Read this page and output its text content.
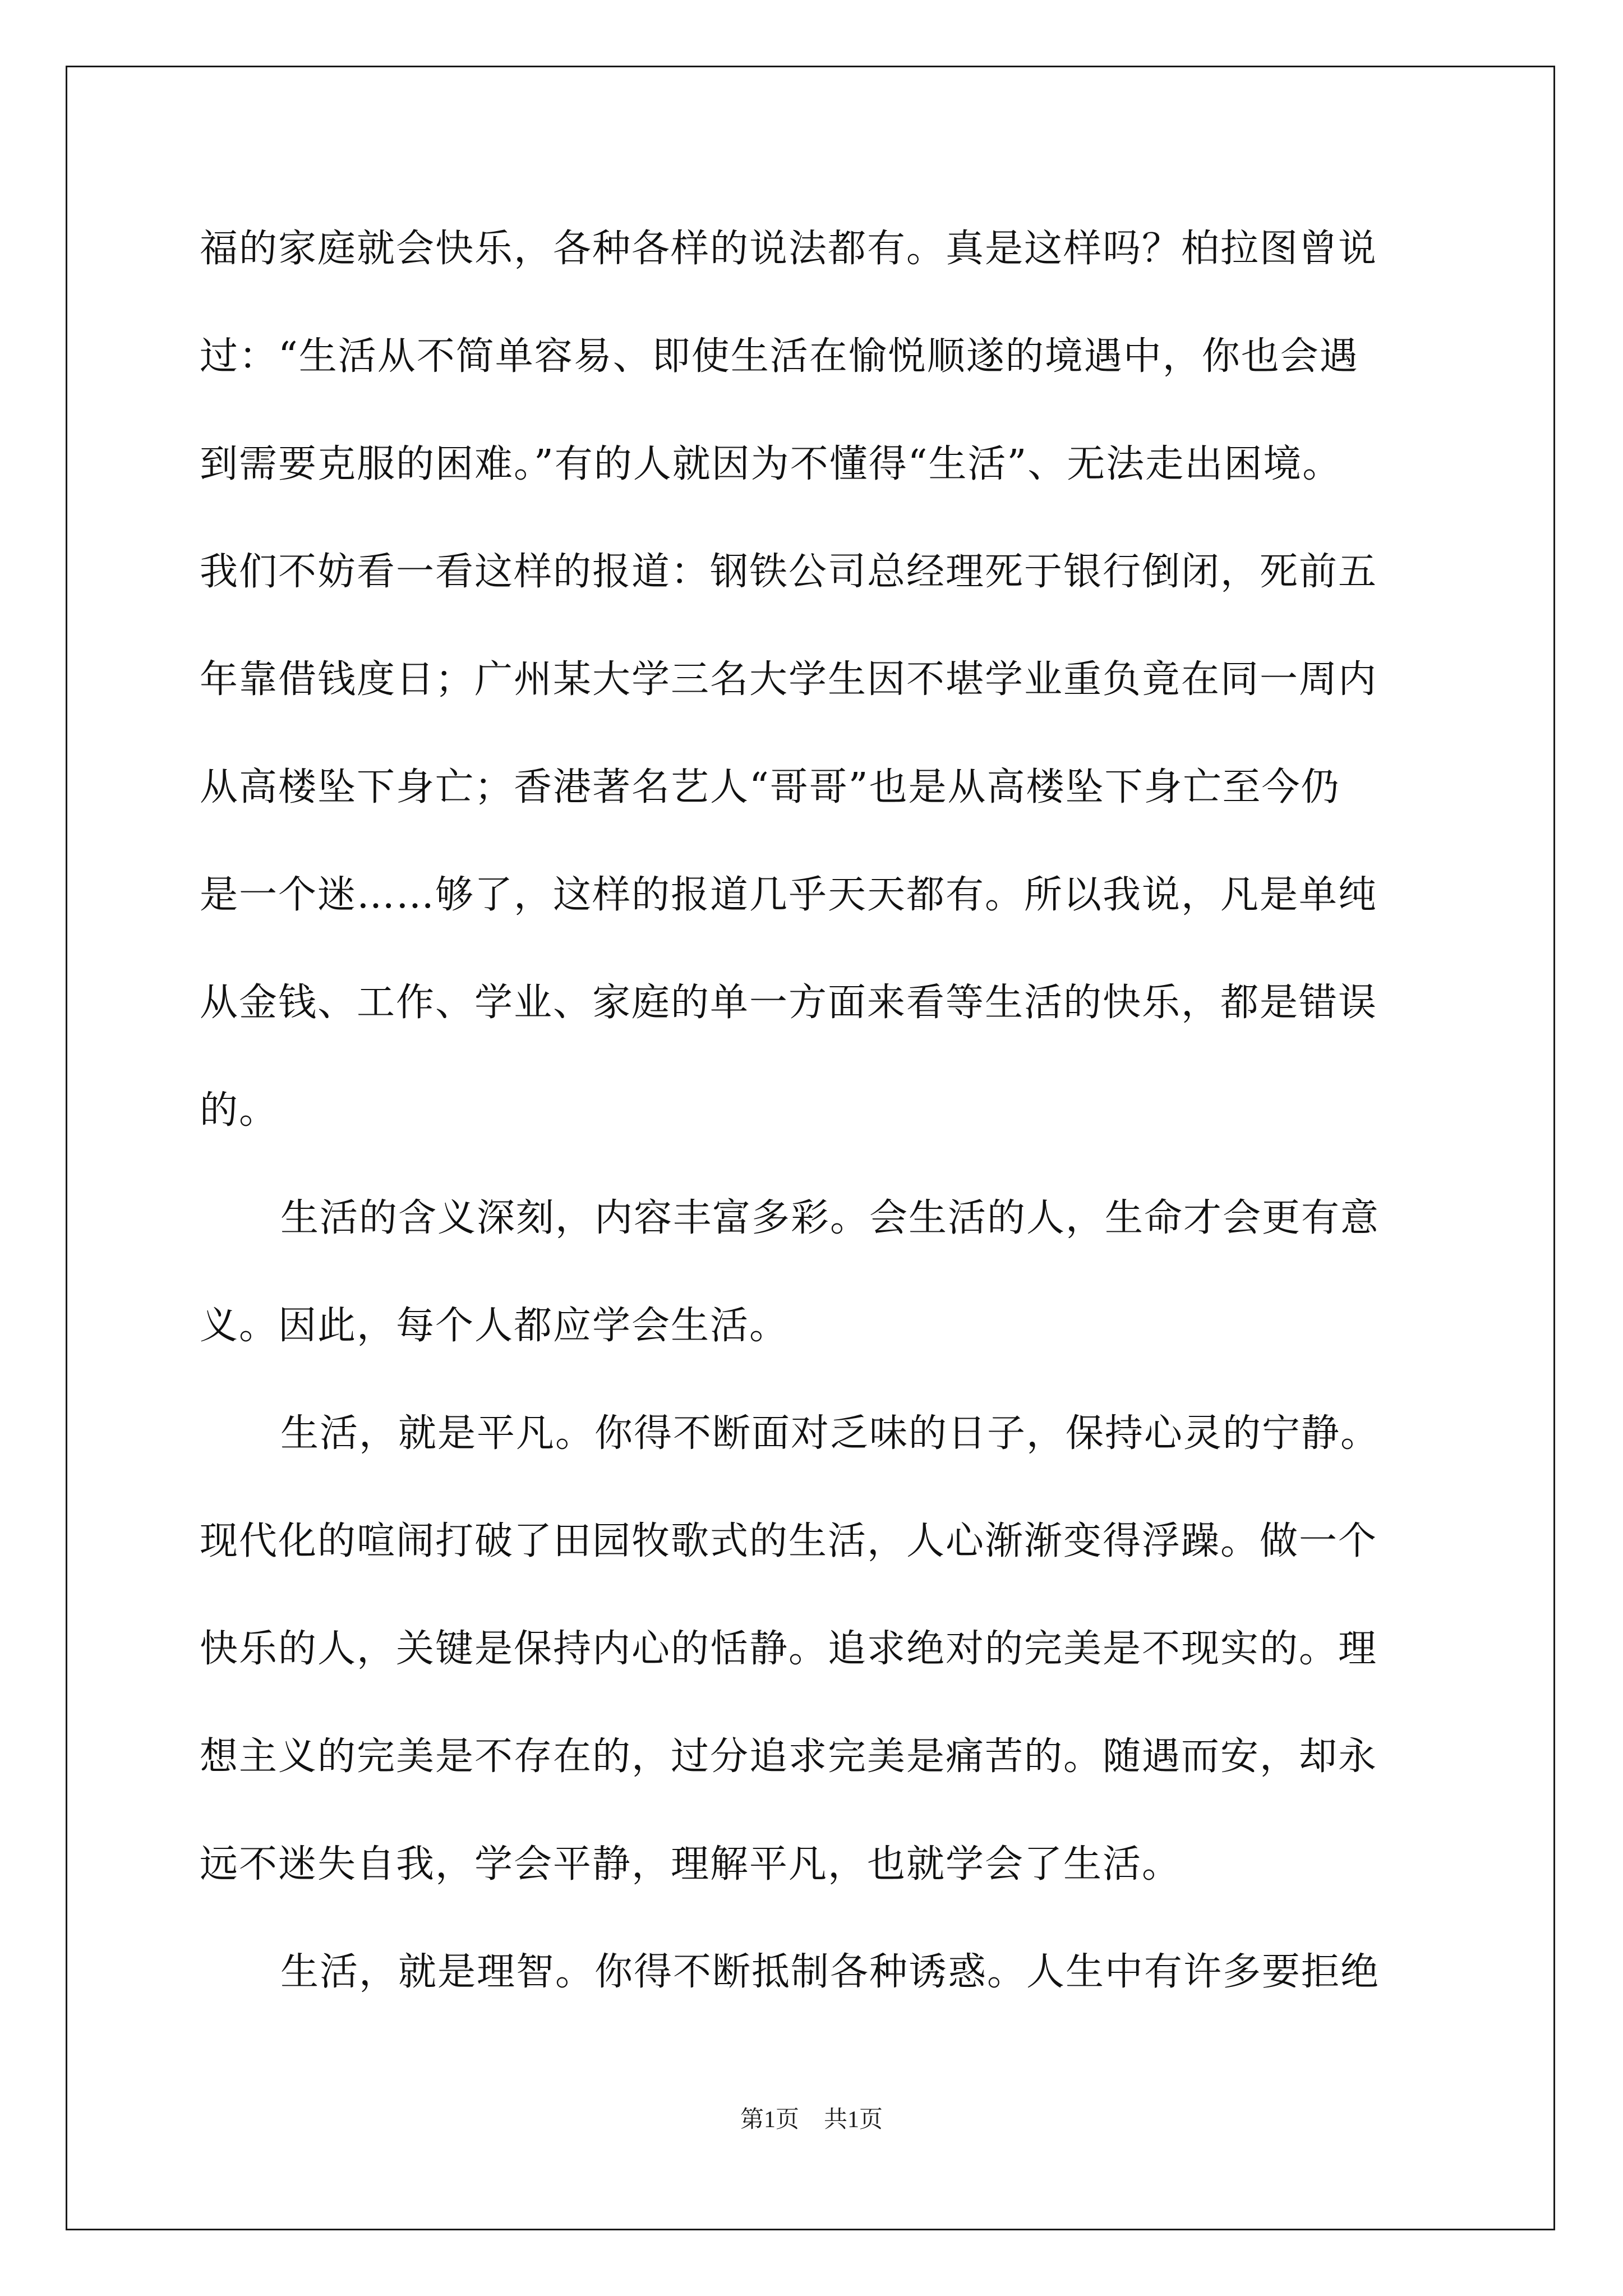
福的家庭就会快乐，各种各样的说法都有。真是这样吗？柏拉图曾说
过：“生活从不简单容易、即使生活在愉悦顺遂的境遇中，你也会遇
到需要克服的困难。”有的人就因为不懂得“生活”、无法走出困境。
我们不妨看一看这样的报道：钢铁公司总经理死于银行倒闭，死前五
年靠借钱度日；广州某大学三名大学生因不堪学业重负竟在同一周内
从高楼坠下身亡；香港著名艺人“哥哥”也是从高楼坠下身亡至今仍
是一个迷……够了，这样的报道几乎天天都有。所以我说，凡是单纯
从金钱、工作、学业、家庭的单一方面来看等生活的快乐，都是错误
的。
生活的含义深刻，内容丰富多彩。会生活的人，生命才会更有意
义。因此，每个人都应学会生活。
生活，就是平凡。你得不断面对乏味的日子，保持心灵的宁静。
现代化的喧闹打破了田园牧歌式的生活，人心渐渐变得浮躁。做一个
快乐的人，关键是保持内心的恬静。追求绝对的完美是不现实的。理
想主义的完美是不存在的，过分追求完美是痛苦的。随遇而安，却永
远不迷失自我，学会平静，理解平凡，也就学会了生活。
生活，就是理智。你得不断抵制各种诱惑。人生中有许多要拒绝
第1页 共1页
